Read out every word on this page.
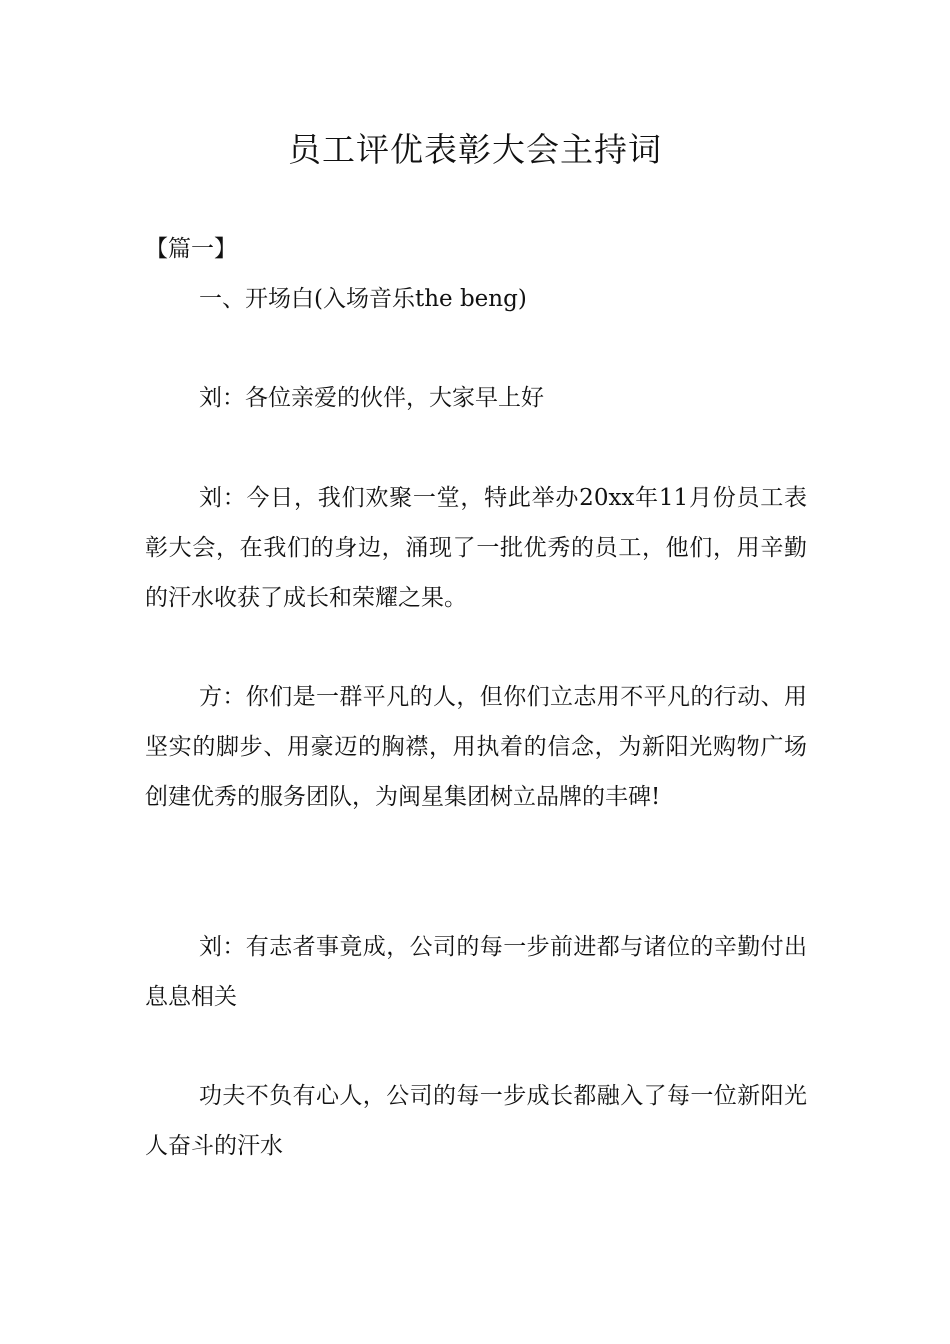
员工评优表彰大会主持词

【篇一】

一、开场白(入场音乐the beng)

刘：各位亲爱的伙伴，大家早上好

刘：今日，我们欢聚一堂，特此举办20xx年11月份员工表彰大会，在我们的身边，涌现了一批优秀的员工，他们，用辛勤的汗水收获了成长和荣耀之果。

方：你们是一群平凡的人，但你们立志用不平凡的行动、用坚实的脚步、用豪迈的胸襟，用执着的信念，为新阳光购物广场创建优秀的服务团队，为闽星集团树立品牌的丰碑!

刘：有志者事竟成，公司的每一步前进都与诸位的辛勤付出息息相关

功夫不负有心人，公司的每一步成长都融入了每一位新阳光人奋斗的汗水
